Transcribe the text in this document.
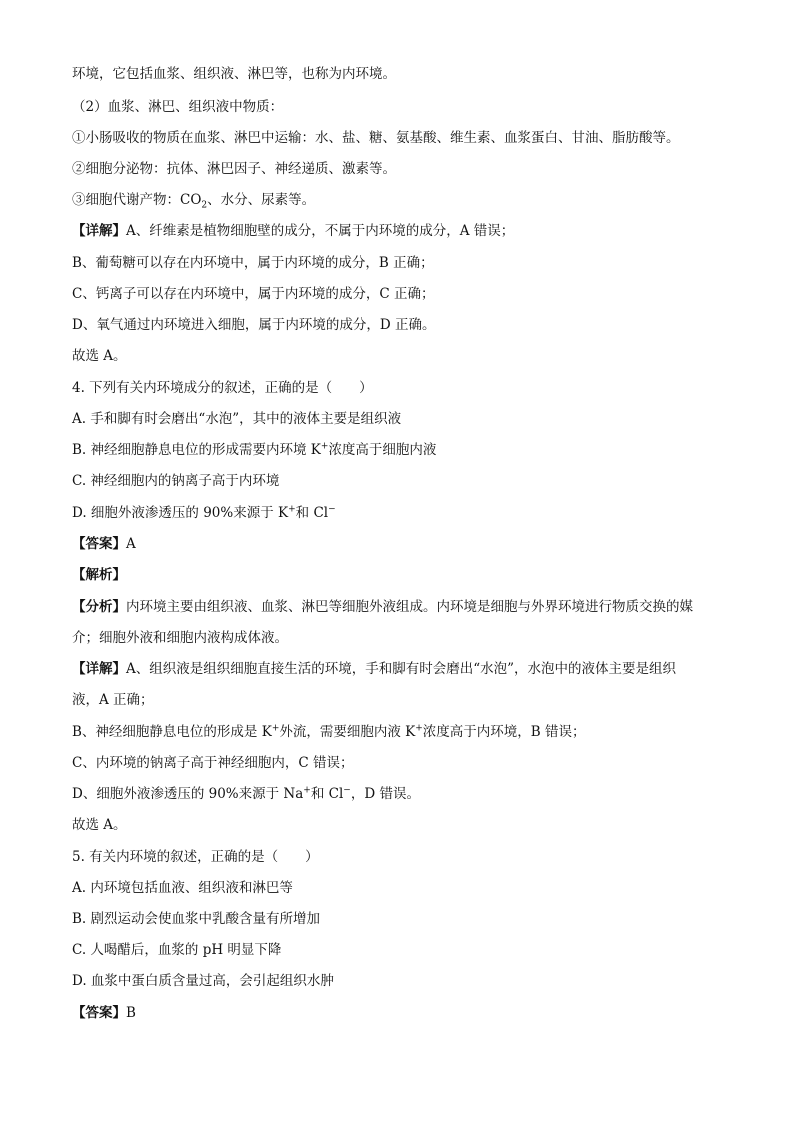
环境，它包括血浆、组织液、淋巴等，也称为内环境。
（2）血浆、淋巴、组织液中物质：
①小肠吸收的物质在血浆、淋巴中运输：水、盐、糖、氨基酸、维生素、血浆蛋白、甘油、脂肪酸等。
②细胞分泌物：抗体、淋巴因子、神经递质、激素等。
③细胞代谢产物：$CO_2$、水分、尿素等。
【详解】A、纤维素是植物细胞壁的成分，不属于内环境的成分，A 错误；
B、葡萄糖可以存在内环境中，属于内环境的成分，B 正确；
C、钙离子可以存在内环境中，属于内环境的成分，C 正确；
D、氧气通过内环境进入细胞，属于内环境的成分，D 正确。
故选 A。
4. 下列有关内环境成分的叙述，正确的是（　　）
A. 手和脚有时会磨出“水泡”，其中的液体主要是组织液
B. 神经细胞静息电位的形成需要内环境 K+浓度高于细胞内液
C. 神经细胞内的钠离子高于内环境
D. 细胞外液渗透压的 90%来源于 K+和 Cl−
【答案】A
【解析】
【分析】内环境主要由组织液、血浆、淋巴等细胞外液组成。内环境是细胞与外界环境进行物质交换的媒
介；细胞外液和细胞内液构成体液。
【详解】A、组织液是组织细胞直接生活的环境，手和脚有时会磨出“水泡”，水泡中的液体主要是组织
液，A 正确；
B、神经细胞静息电位的形成是 K+外流，需要细胞内液 K+浓度高于内环境，B 错误；
C、内环境的钠离子高于神经细胞内，C 错误；
D、细胞外液渗透压的 90%来源于 Na+和 Cl−，D 错误。
故选 A。
5. 有关内环境的叙述，正确的是（　　）
A. 内环境包括血液、组织液和淋巴等
B. 剧烈运动会使血浆中乳酸含量有所增加
C. 人喝醋后，血浆的 pH 明显下降
D. 血浆中蛋白质含量过高，会引起组织水肿
【答案】B
